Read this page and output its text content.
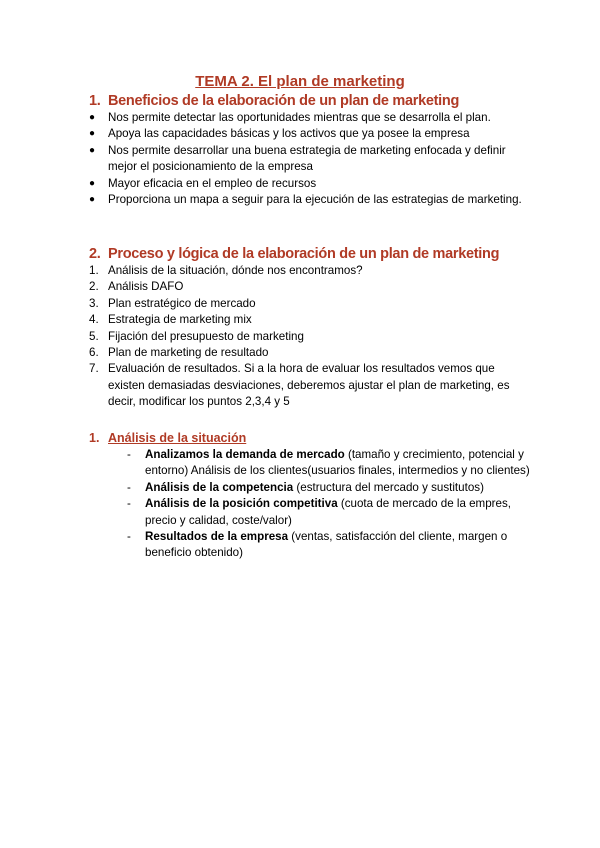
TEMA 2. El plan de marketing
1. Beneficios de la elaboración de un plan de marketing
● Nos permite detectar las oportunidades mientras que se desarrolla el plan.
● Apoya las capacidades básicas y los activos que ya posee la empresa
● Nos permite desarrollar una buena estrategia de marketing enfocada y definir mejor el posicionamiento de la empresa
● Mayor eficacia en el empleo de recursos
● Proporciona un mapa a seguir para la ejecución de las estrategias de marketing.
2. Proceso y lógica de la elaboración de un plan de marketing
1. Análisis de la situación, dónde nos encontramos?
2. Análisis DAFO
3. Plan estratégico de mercado
4. Estrategia de marketing mix
5. Fijación del presupuesto de marketing
6. Plan de marketing de resultado
7. Evaluación de resultados. Si a la hora de evaluar los resultados vemos que existen demasiadas desviaciones, deberemos ajustar el plan de marketing, es decir, modificar los puntos 2,3,4 y 5
1. Análisis de la situación
- Analizamos la demanda de mercado (tamaño y crecimiento, potencial y entorno) Análisis de los clientes(usuarios finales, intermedios y no clientes)
- Análisis de la competencia (estructura del mercado y sustitutos)
- Análisis de la posición competitiva (cuota de mercado de la empres, precio y calidad, coste/valor)
- Resultados de la empresa (ventas, satisfacción del cliente, margen o beneficio obtenido)
